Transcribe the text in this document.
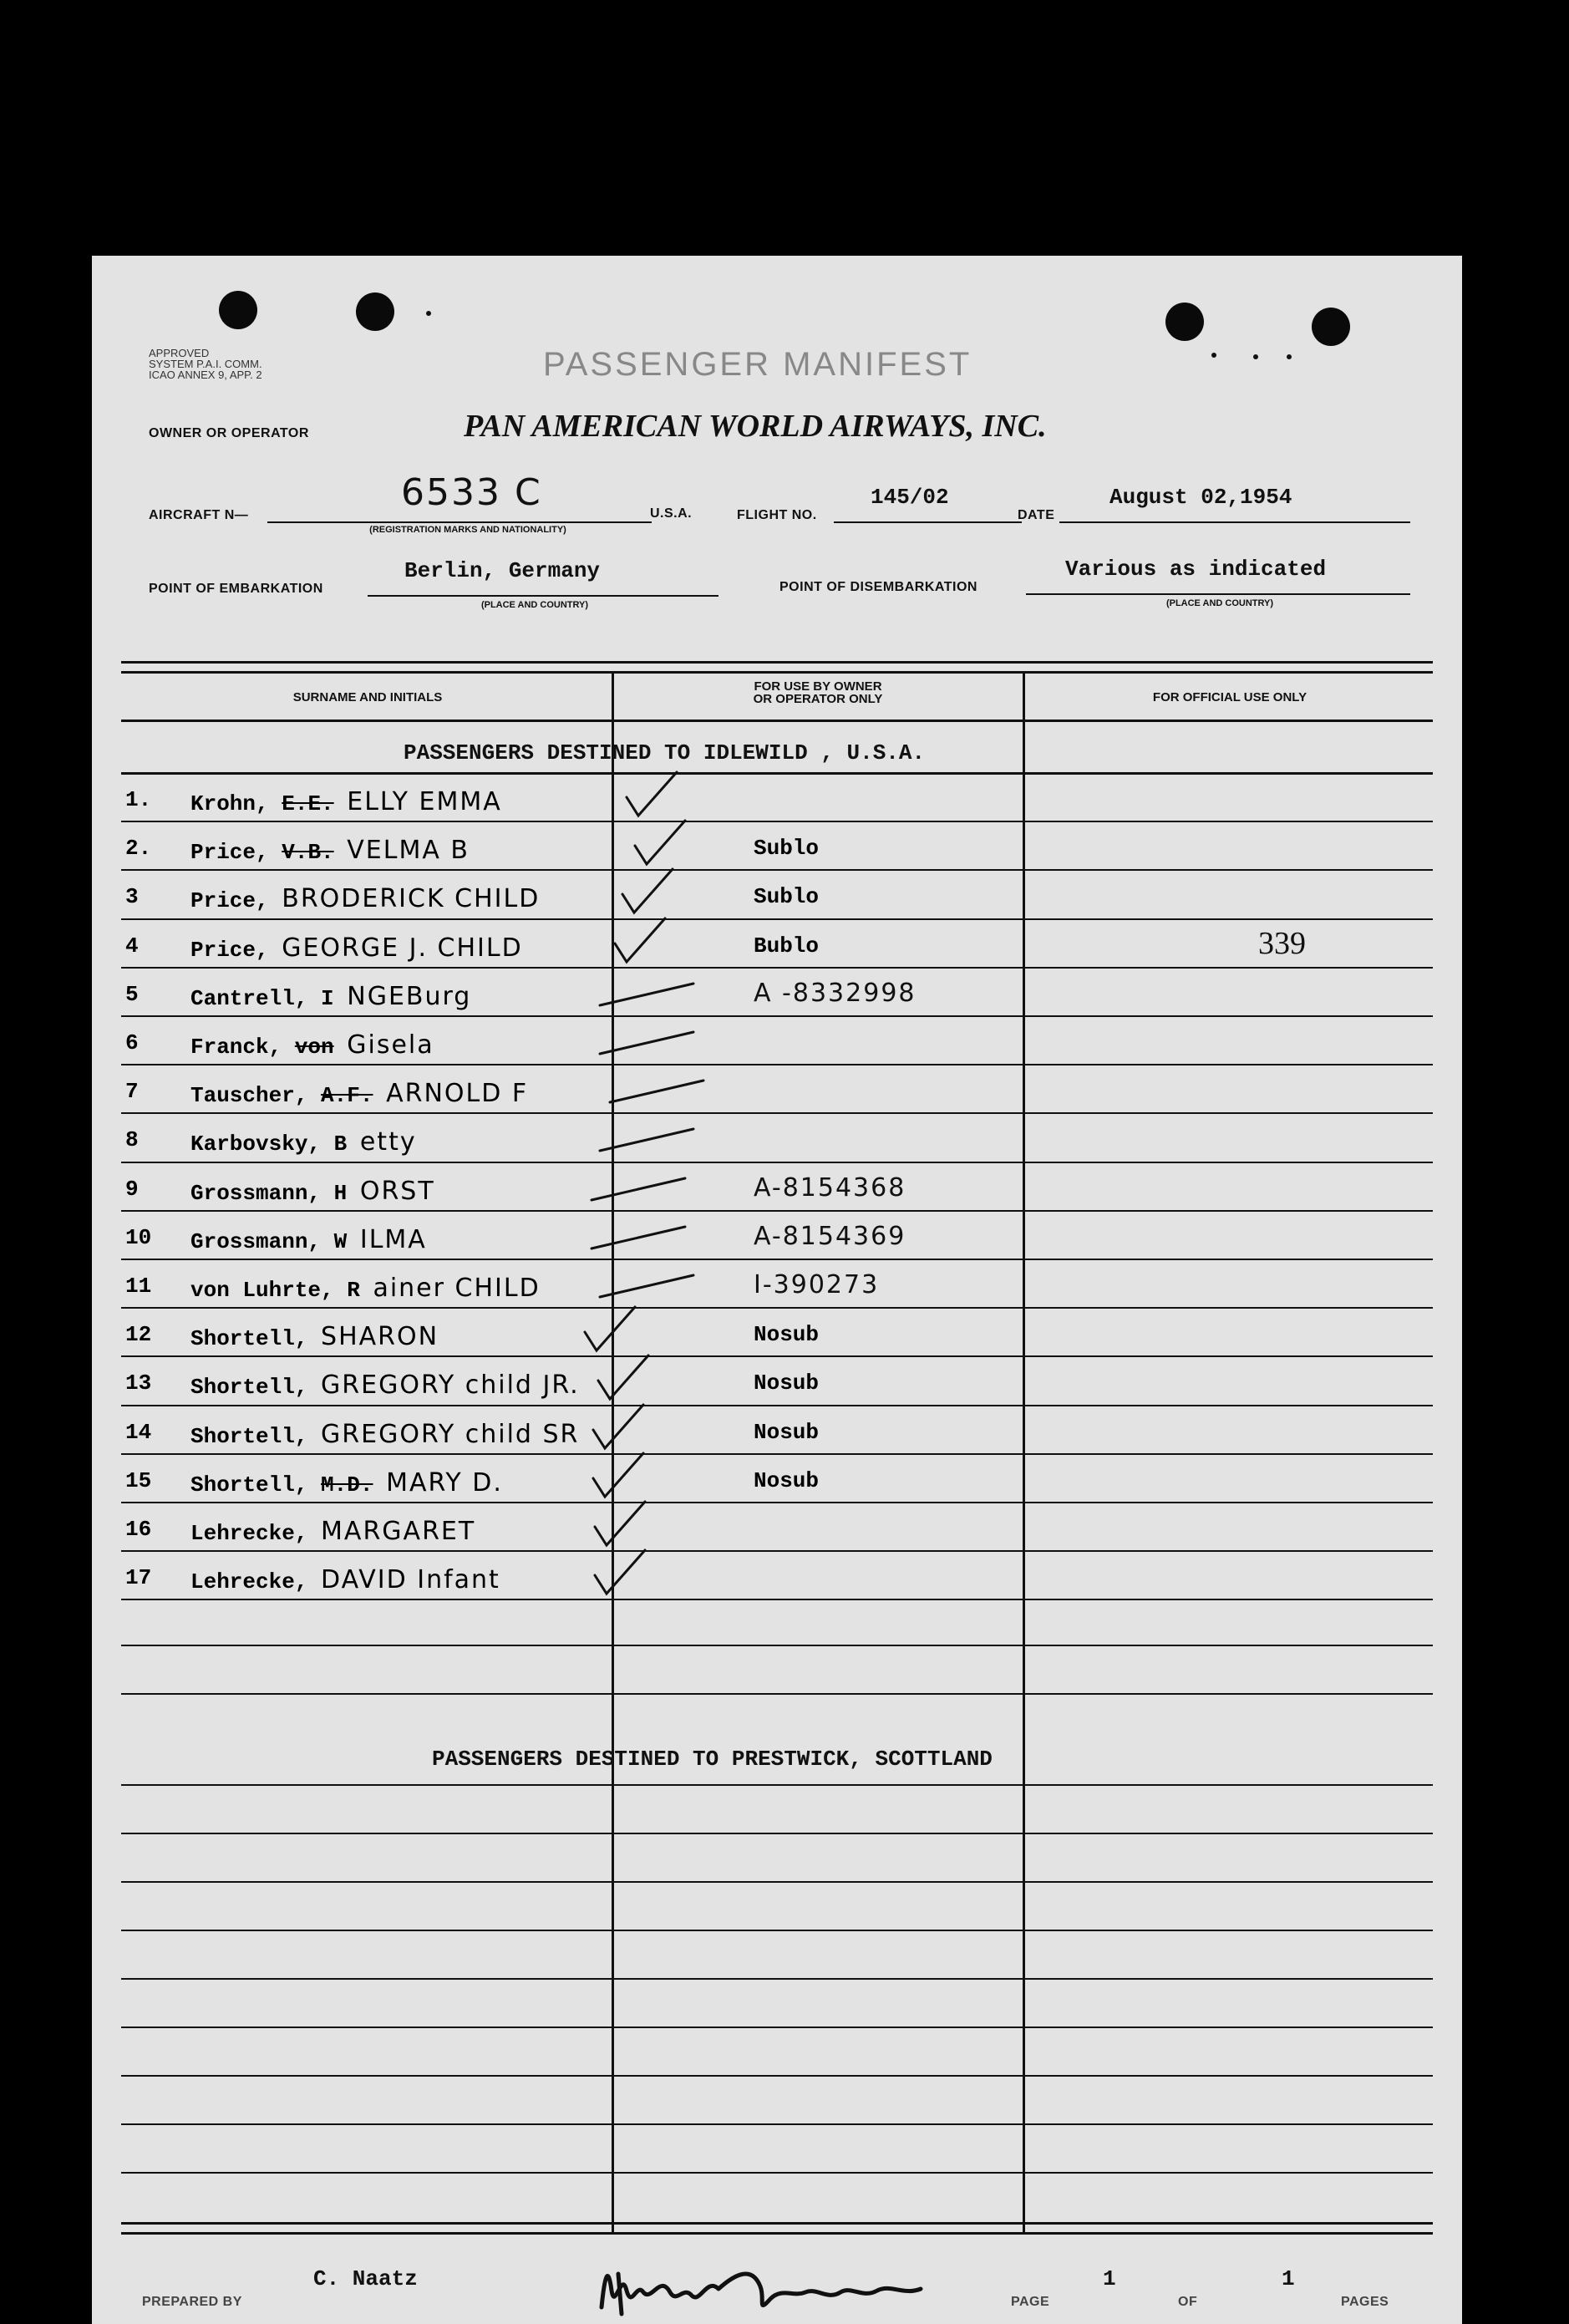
APPROVED
SYSTEM P.A.I. COMM.
ICAO ANNEX 9, APP. 2	PASSENGER MANIFEST
OWNER OR OPERATOR	PAN AMERICAN WORLD AIRWAYS, INC.
AIRCRAFT N—
6533 C
(REGISTRATION MARKS AND NATIONALITY)
U.S.A.	FLIGHT NO.
145/02
DATE
August 02,1954
POINT OF EMBARKATION
Berlin, Germany
(PLACE AND COUNTRY)
POINT OF DISEMBARKATION
Various as indicated
(PLACE AND COUNTRY)
SURNAME AND INITIALS
FOR USE BY OWNER
OR OPERATOR ONLY	FOR OFFICIAL USE ONLY
PASSENGERS DESTINED TO IDLEWILD , U.S.A.
1. Krohn, E.E. ELLY EMMA
2. Price, V.B. VELMA B	Sublo
3 Price, BRODERICK CHILD	Sublo
4 Price, GEORGE J. CHILD	Bublo	339
5 Cantrell, I NGEBurg	A -8332998
6 Franck, von Gisela
7 Tauscher, A.F. ARNOLD F
8 Karbovsky, B etty
9 Grossmann, H ORST	A-8154368
10 Grossmann, W ILMA	A-8154369
11 von Luhrte, R ainer CHILD	I-390273
12 Shortell, SHARON	Nosub
13 Shortell, GREGORY child JR.	Nosub
14 Shortell, GREGORY child SR	Nosub
15 Shortell, M.D. MARY D.	Nosub
16 Lehrecke, MARGARET
17 Lehrecke, DAVID Infant
PASSENGERS DESTINED TO PRESTWICK, SCOTTLAND
PREPARED BY
C. Naatz
PAGE
1
OF
1
PAGES
